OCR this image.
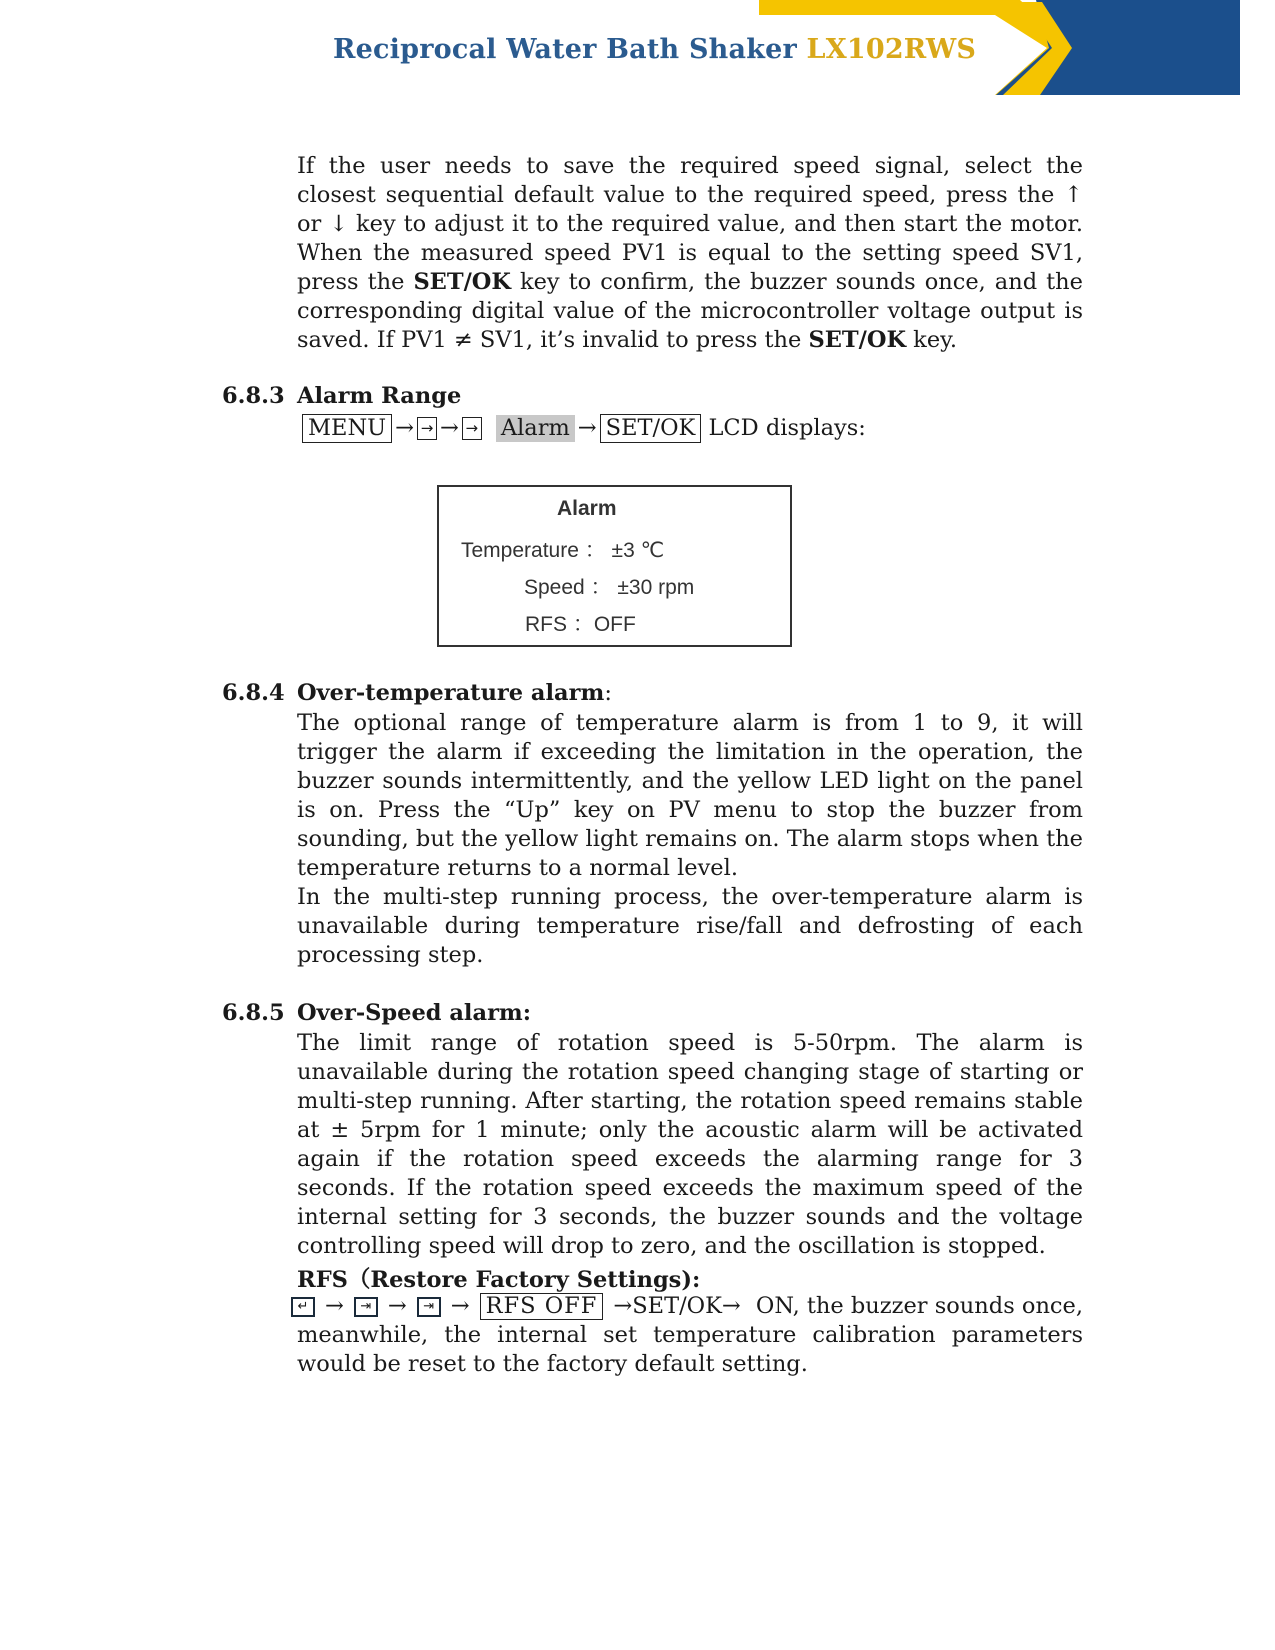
Reciprocal Water Bath Shaker LX102RWS
If the user needs to save the required speed signal, select the closest sequential default value to the required speed, press the ↑ or ↓ key to adjust it to the required value, and then start the motor. When the measured speed PV1 is equal to the setting speed SV1, press the SET/OK key to confirm, the buzzer sounds once, and the corresponding digital value of the microcontroller voltage output is saved. If PV1 ≠ SV1, it’s invalid to press the SET/OK key.
6.8.3 Alarm Range
MENU → → → → Alarm → SET/OK LCD displays:
Alarm
Temperature ： ±3 ℃
Speed ： ±30 rpm
RFS ：OFF
6.8.4 Over-temperature alarm:
The optional range of temperature alarm is from 1 to 9, it will trigger the alarm if exceeding the limitation in the operation, the buzzer sounds intermittently, and the yellow LED light on the panel is on. Press the “Up” key on PV menu to stop the buzzer from sounding, but the yellow light remains on. The alarm stops when the temperature returns to a normal level.
In the multi-step running process, the over-temperature alarm is unavailable during temperature rise/fall and defrosting of each processing step.
6.8.5 Over-Speed alarm:
The limit range of rotation speed is 5-50rpm. The alarm is unavailable during the rotation speed changing stage of starting or multi-step running. After starting, the rotation speed remains stable at ± 5rpm for 1 minute; only the acoustic alarm will be activated again if the rotation speed exceeds the alarming range for 3 seconds. If the rotation speed exceeds the maximum speed of the internal setting for 3 seconds, the buzzer sounds and the voltage controlling speed will drop to zero, and the oscillation is stopped.
RFS（Restore Factory Settings):
↵ →	⇥ →	⇥ → RFS OFF →SET/OK→ ON, the buzzer sounds once,
meanwhile, the internal set temperature calibration parameters would be reset to the factory default setting.
